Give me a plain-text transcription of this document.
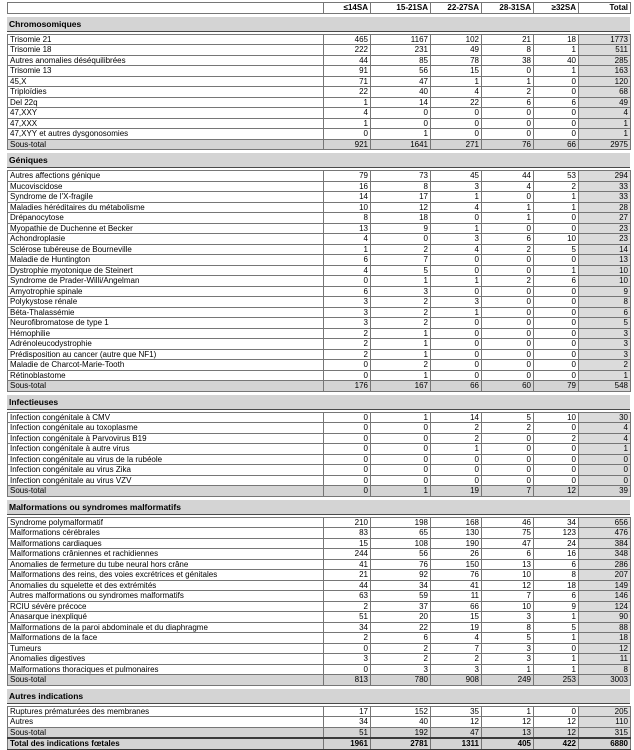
	≤14SA	15-21SA	22-27SA	28-31SA	≥32SA	Total
Chromosomiques
Trisomie 21	465	1167	102	21	18	1773
Trisomie 18	222	231	49	8	1	511
Autres anomalies déséquilibrées	44	85	78	38	40	285
Trisomie 13	91	56	15	0	1	163
45,X	71	47	1	1	0	120
Triploïdies	22	40	4	2	0	68
Del 22q	1	14	22	6	6	49
47,XXY	4	0	0	0	0	4
47,XXX	1	0	0	0	0	1
47,XYY et autres dysgonosomies	0	1	0	0	0	1
Sous-total	921	1641	271	76	66	2975
Géniques
Autres affections génique	79	73	45	44	53	294
Mucoviscidose	16	8	3	4	2	33
Syndrome de l'X-fragile	14	17	1	0	1	33
Maladies héréditaires du métabolisme	10	12	4	1	1	28
Drépanocytose	8	18	0	1	0	27
Myopathie de Duchenne et Becker	13	9	1	0	0	23
Achondroplasie	4	0	3	6	10	23
Sclérose tubéreuse de Bourneville	1	2	4	2	5	14
Maladie de Huntington	6	7	0	0	0	13
Dystrophie myotonique de Steinert	4	5	0	0	1	10
Syndrome de Prader-Willi/Angelman	0	1	1	2	6	10
Amyotrophie spinale	6	3	0	0	0	9
Polykystose rénale	3	2	3	0	0	8
Béta-Thalassémie	3	2	1	0	0	6
Neurofibromatose de type 1	3	2	0	0	0	5
Hémophilie	2	1	0	0	0	3
Adrénoleucodystrophie	2	1	0	0	0	3
Prédisposition au cancer (autre que NF1)	2	1	0	0	0	3
Maladie de Charcot-Marie-Tooth	0	2	0	0	0	2
Rétinoblastome	0	1	0	0	0	1
Sous-total	176	167	66	60	79	548
Infectieuses
Infection congénitale à CMV	0	1	14	5	10	30
Infection congénitale au toxoplasme	0	0	2	2	0	4
Infection congénitale à Parvovirus B19	0	0	2	0	2	4
Infection congénitale à autre virus	0	0	1	0	0	1
Infection congénitale au virus de la rubéole	0	0	0	0	0	0
Infection congénitale au virus Zika	0	0	0	0	0	0
Infection congénitale au virus VZV	0	0	0	0	0	0
Sous-total	0	1	19	7	12	39
Malformations ou syndromes malformatifs
Syndrome polymalformatif	210	198	168	46	34	656
Malformations cérébrales	83	65	130	75	123	476
Malformations cardiaques	15	108	190	47	24	384
Malformations crâniennes et rachidiennes	244	56	26	6	16	348
Anomalies de fermeture du tube neural hors crâne	41	76	150	13	6	286
Malformations des reins, des voies excrétrices et génitales	21	92	76	10	8	207
Anomalies du squelette et des extrémités	44	34	41	12	18	149
Autres malformations ou syndromes malformatifs	63	59	11	7	6	146
RCIU sévère précoce	2	37	66	10	9	124
Anasarque inexpliqué	51	20	15	3	1	90
Malformations de la paroi abdominale et du diaphragme	34	22	19	8	5	88
Malformations de la face	2	6	4	5	1	18
Tumeurs	0	2	7	3	0	12
Anomalies digestives	3	2	2	3	1	11
Malformations thoraciques et pulmonaires	0	3	3	1	1	8
Sous-total	813	780	908	249	253	3003
Autres indications
Ruptures prématurées des membranes	17	152	35	1	0	205
Autres	34	40	12	12	12	110
Sous-total	51	192	47	13	12	315
Total des indications fœtales	1961	2781	1311	405	422	6880
